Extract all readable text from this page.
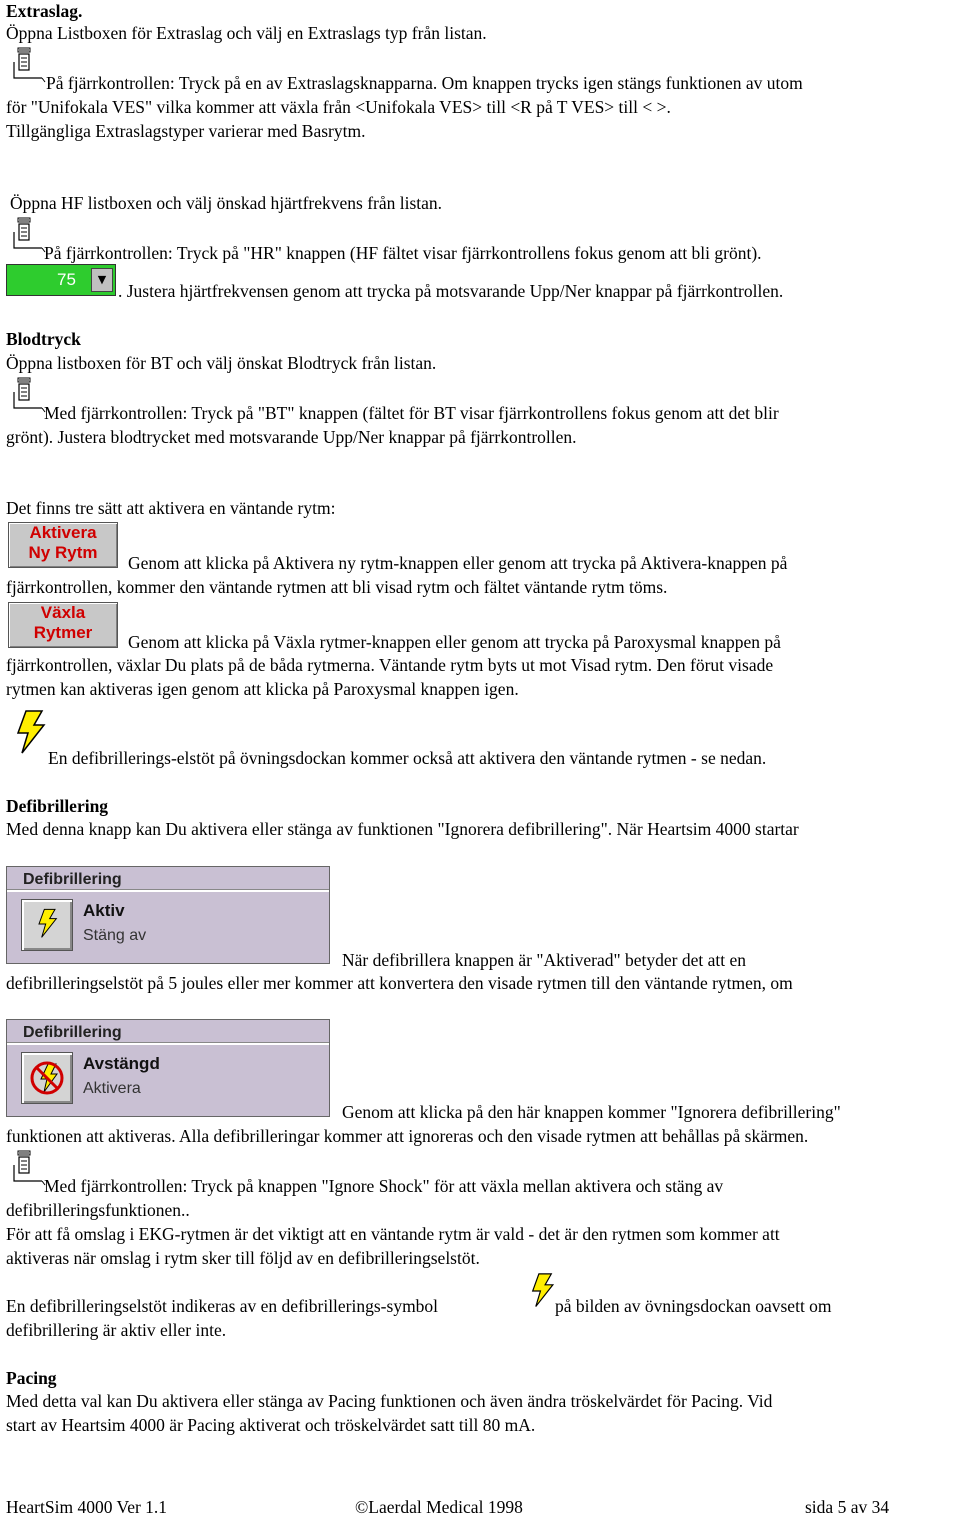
Extraslag.
Öppna Listboxen för Extraslag och välj en Extraslags typ från listan.
På fjärrkontrollen: Tryck på en av Extraslagsknapparna. Om knappen trycks igen stängs funktionen av utom
för "Unifokala VES" vilka kommer att växla från <Unifokala VES> till <R på T VES> till < >.
Tillgängliga Extraslagstyper varierar med Basrytm.
Öppna HF listboxen och välj önskad hjärtfrekvens från listan.
På fjärrkontrollen: Tryck på "HR" knappen (HF fältet visar fjärrkontrollens fokus genom att bli grönt).
75	▼
. Justera hjärtfrekvensen genom att trycka på motsvarande Upp/Ner knappar på fjärrkontrollen.
Blodtryck
Öppna listboxen för BT och välj önskat Blodtryck från listan.
Med fjärrkontrollen: Tryck på "BT" knappen (fältet för BT visar fjärrkontrollens fokus genom att det blir
grönt). Justera blodtrycket med motsvarande Upp/Ner knappar på fjärrkontrollen.
Det finns tre sätt att aktivera en väntande rytm:
Aktivera
Ny Rytm
Genom att klicka på Aktivera ny rytm-knappen eller genom att trycka på Aktivera-knappen på
fjärrkontrollen, kommer den väntande rytmen att bli visad rytm och fältet väntande rytm töms.
Växla
Rytmer	Genom att klicka på Växla rytmer-knappen eller genom att trycka på Paroxysmal knappen på
fjärrkontrollen, växlar Du plats på de båda rytmerna. Väntande rytm byts ut mot Visad rytm. Den förut visade
rytmen kan aktiveras igen genom att klicka på Paroxysmal knappen igen.
En defibrillerings-elstöt på övningsdockan kommer också att aktivera den väntande rytmen - se nedan.
Defibrillering
Med denna knapp kan Du aktivera eller stänga av funktionen "Ignorera defibrillering". När Heartsim 4000 startar
Defibrillering
Aktiv
Stäng av
När defibrillera knappen är "Aktiverad" betyder det att en
defibrilleringselstöt på 5 joules eller mer kommer att konvertera den visade rytmen till den väntande rytmen, om
Defibrillering
Avstängd
Aktivera
Genom att klicka på den här knappen kommer "Ignorera defibrillering"
funktionen att aktiveras. Alla defibrilleringar kommer att ignoreras och den visade rytmen att behållas på skärmen.
Med fjärrkontrollen: Tryck på knappen "Ignore Shock" för att växla mellan aktivera och stäng av
defibrilleringsfunktionen..
För att få omslag i EKG-rytmen är det viktigt att en väntande rytm är vald - det är den rytmen som kommer att
aktiveras när omslag i rytm sker till följd av en defibrilleringselstöt.
En defibrilleringselstöt indikeras av en defibrillerings-symbol	på bilden av övningsdockan oavsett om
defibrillering är aktiv eller inte.
Pacing
Med detta val kan Du aktivera eller stänga av Pacing funktionen och även ändra tröskelvärdet för Pacing. Vid
start av Heartsim 4000 är Pacing aktiverat och tröskelvärdet satt till 80 mA.
HeartSim 4000 Ver 1.1	©Laerdal Medical 1998	sida 5 av 34
